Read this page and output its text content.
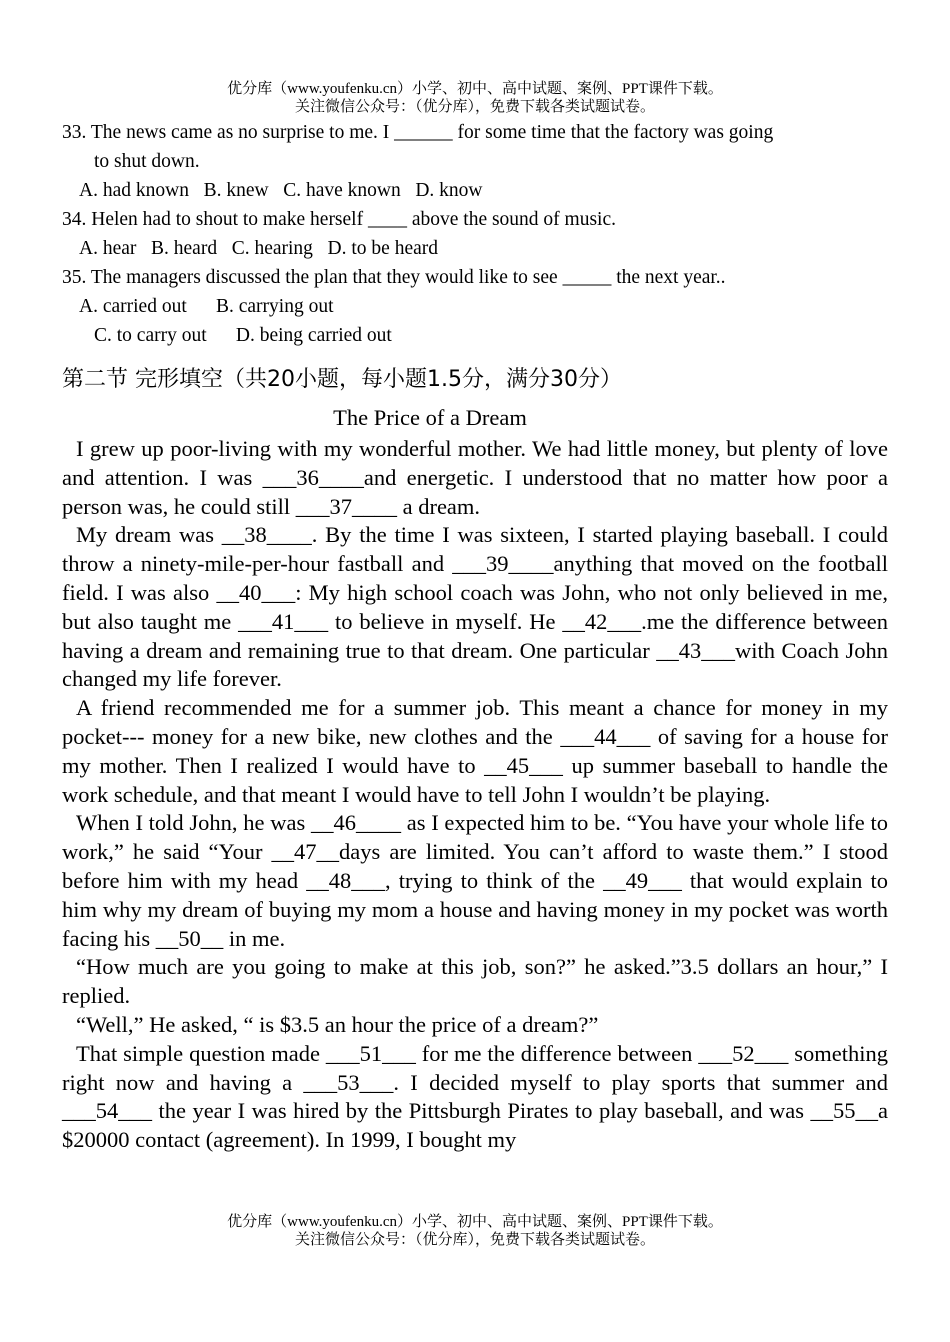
优分库（www.youfenku.cn）小学、初中、高中试题、案例、PPT课件下载。
关注微信公众号：（优分库），免费下载各类试题试卷。
33. The news came as no surprise to me. I ______ for some time that the factory was going
to shut down.
A. had known   B. knew   C. have known   D. know
34. Helen had to shout to make herself ____ above the sound of music.
A. hear   B. heard   C. hearing   D. to be heard
35. The managers discussed the plan that they would like to see _____ the next year..
A. carried out      B. carrying out
C. to carry out      D. being carried out
第二节 完形填空（共20小题，每小题1.5分，满分30分）
The Price of a Dream

I grew up poor-living with my wonderful mother. We had little money, but plenty of love and attention. I was ___36____and energetic. I understood that no matter how poor a person was, he could still ___37____ a dream.

My dream was __38____. By the time I was sixteen, I started playing baseball. I could throw a ninety-mile-per-hour fastball and ___39____anything that moved on the football field. I was also __40___: My high school coach was John, who not only believed in me, but also taught me ___41___ to believe in myself. He __42___.me the difference between having a dream and remaining true to that dream. One particular __43___with Coach John changed my life forever.

A friend recommended me for a summer job. This meant a chance for money in my pocket--- money for a new bike, new clothes and the ___44___ of saving for a house for my mother. Then I realized I would have to __45___ up summer baseball to handle the work schedule, and that meant I would have to tell John I wouldn’t be playing.

When I told John, he was __46____ as I expected him to be. “You have your whole life to work,” he said “Your __47__days are limited. You can’t afford to waste them.” I stood before him with my head __48___, trying to think of the __49___ that would explain to him why my dream of buying my mom a house and having money in my pocket was worth facing his __50__ in me.

“How much are you going to make at this job, son?” he asked.”3.5 dollars an hour,” I replied.

“Well,” He asked, “ is $3.5 an hour the price of a dream?”

That simple question made ___51___ for me the difference between ___52___ something right now and having a ___53___. I decided myself to play sports that summer and ___54___ the year I was hired by the Pittsburgh Pirates to play baseball, and was __55__a $20000 contact (agreement). In 1999, I bought my

优分库（www.youfenku.cn）小学、初中、高中试题、案例、PPT课件下载。
关注微信公众号：（优分库），免费下载各类试题试卷。
